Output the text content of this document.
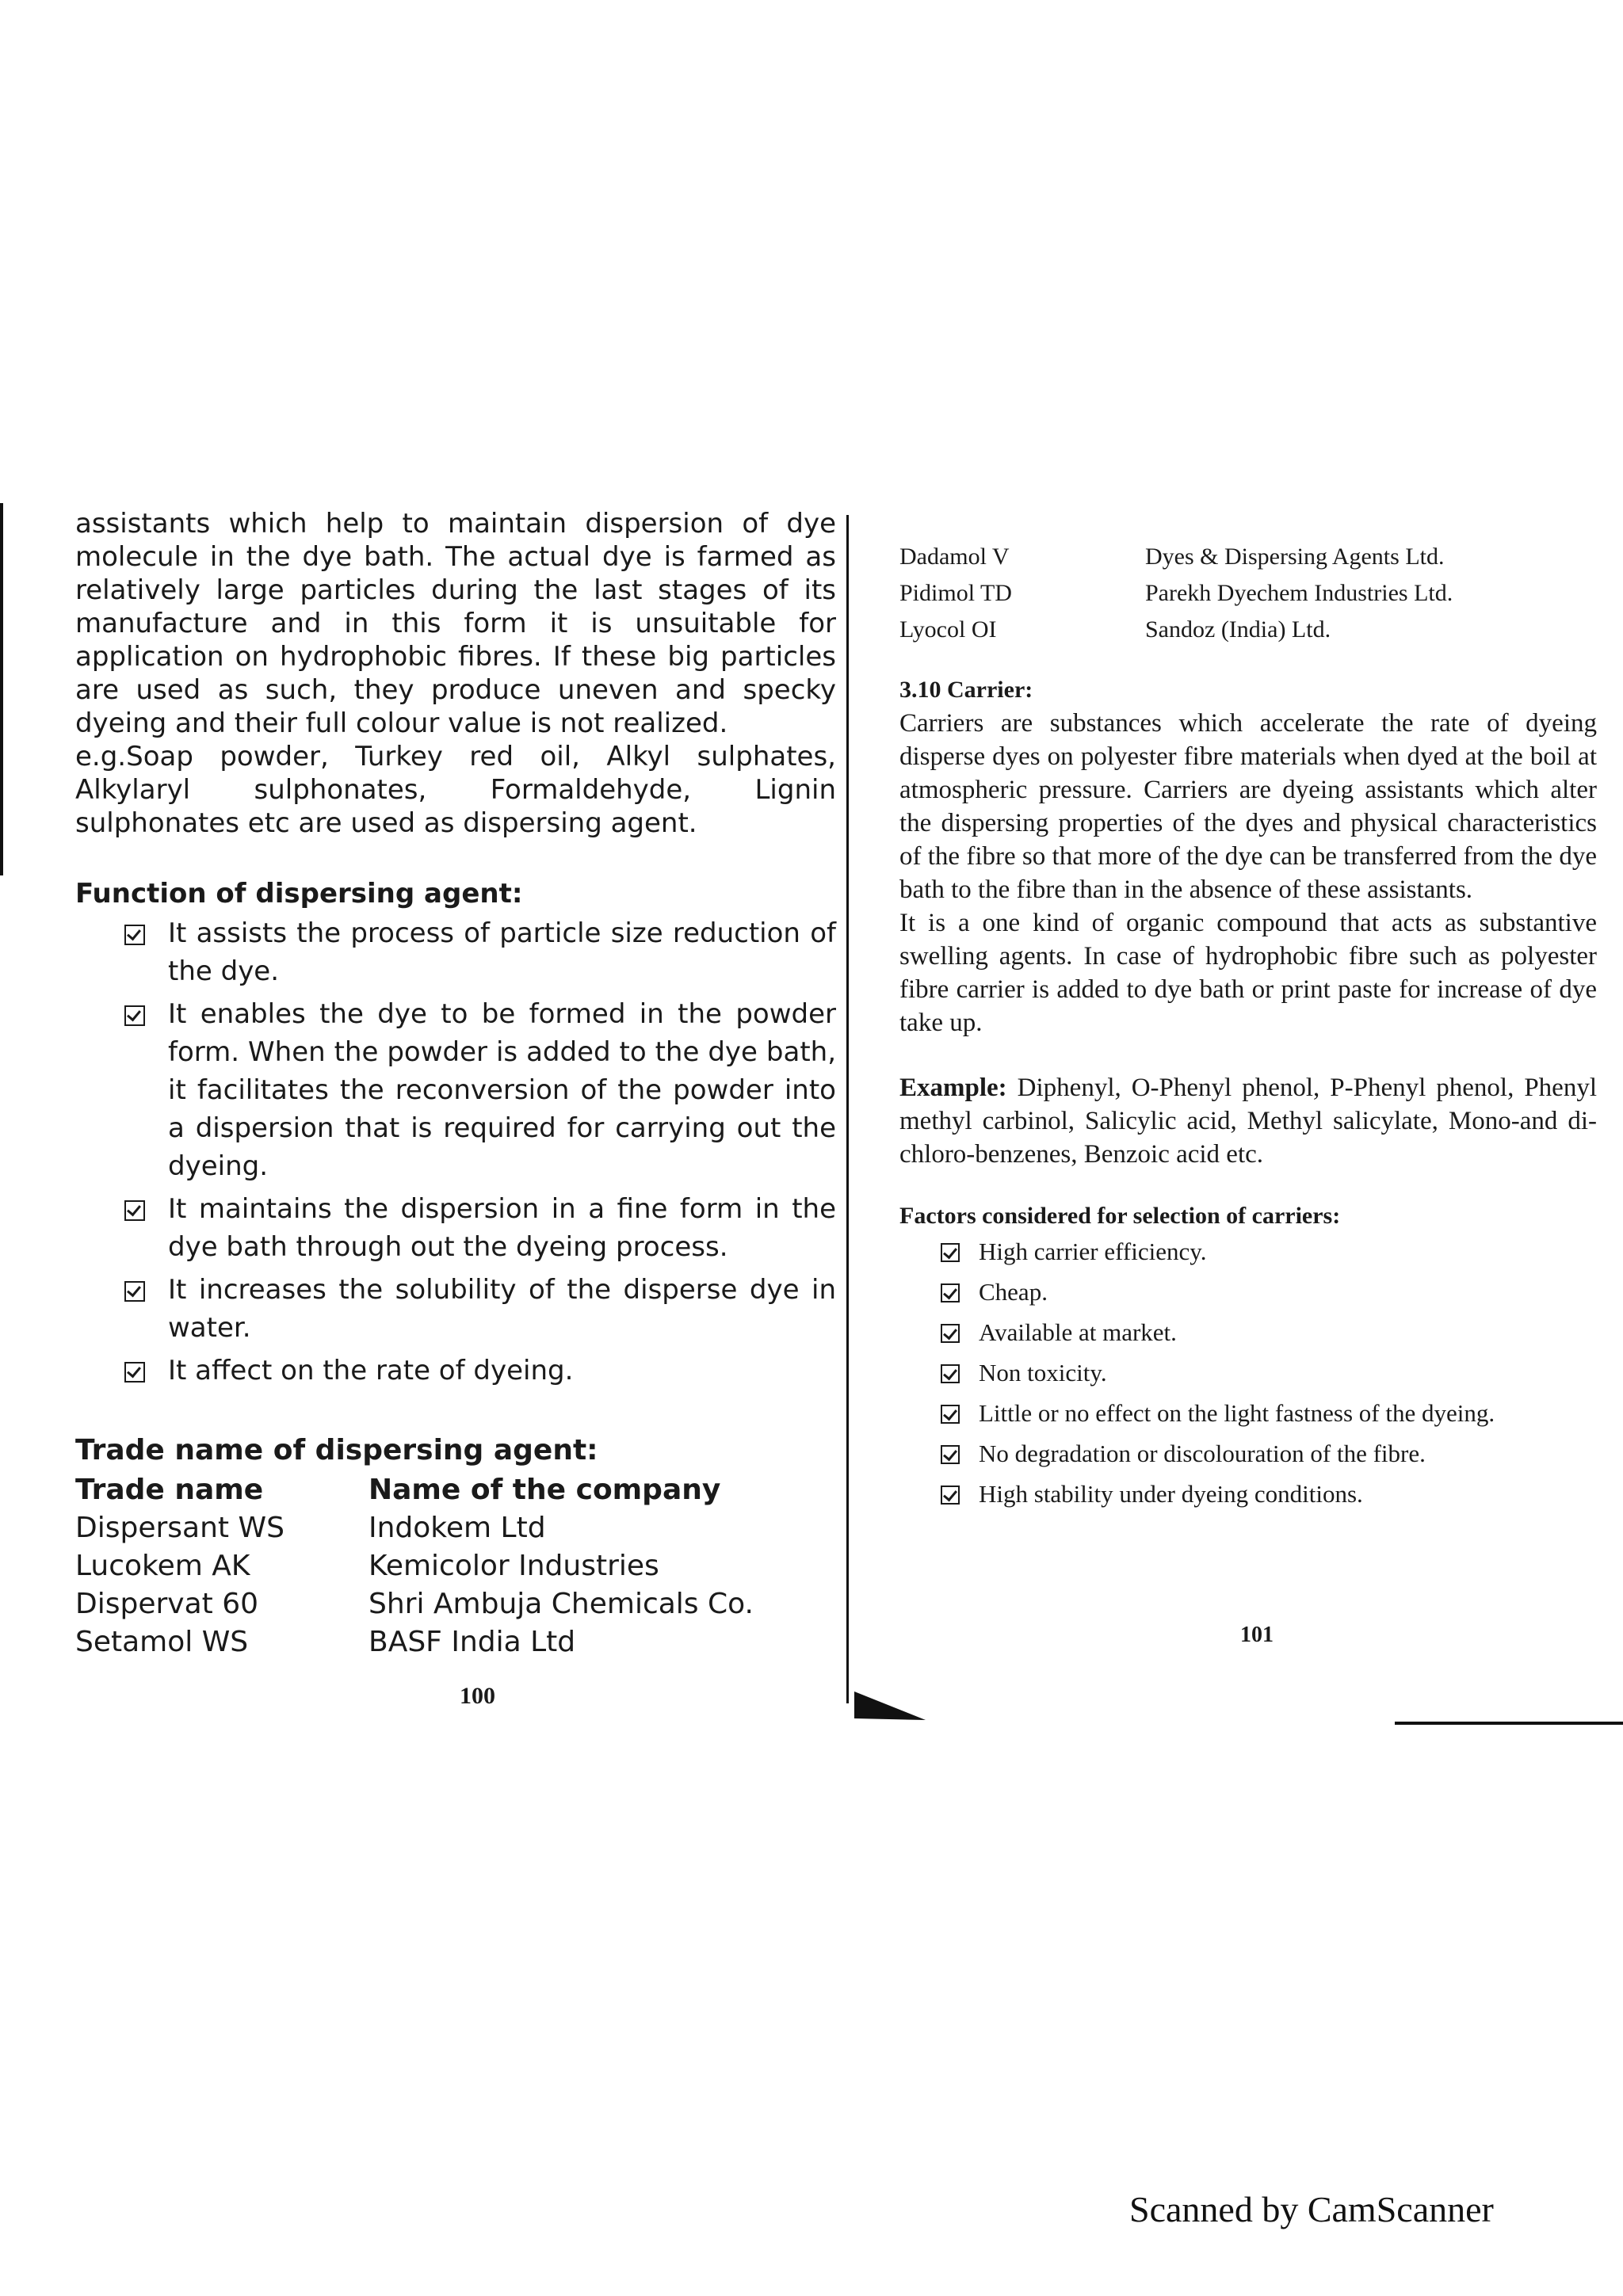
assistants which help to maintain dispersion of dye molecule in the dye bath. The actual dye is farmed as relatively large particles during the last stages of its manufacture and in this form it is unsuitable for application on hydrophobic fibres. If these big particles are used as such, they produce uneven and specky dyeing and their full colour value is not realized.

e.g.Soap powder, Turkey red oil, Alkyl sulphates, Alkylaryl sulphonates, Formaldehyde, Lignin sulphonates etc are used as dispersing agent.

Function of dispersing agent:

It assists the process of particle size reduction of the dye.
It enables the dye to be formed in the powder form. When the powder is added to the dye bath, it facilitates the reconversion of the powder into a dispersion that is required for carrying out the dyeing.
It maintains the dispersion in a fine form in the dye bath through out the dyeing process.
It increases the solubility of the disperse dye in water.
It affect on the rate of dyeing.

Trade name of dispersing agent:

Trade name	Name of the company
Dispersant WS	Indokem Ltd
Lucokem AK	Kemicolor Industries
Dispervat 60	Shri Ambuja Chemicals Co.
Setamol WS	BASF India Ltd
100
Dadamol V	Dyes & Dispersing Agents Ltd.
Pidimol TD	Parekh Dyechem Industries Ltd.
Lyocol OI	Sandoz (India) Ltd.

3.10 Carrier:

Carriers are substances which accelerate the rate of dyeing disperse dyes on polyester fibre materials when dyed at the boil at atmospheric pressure. Carriers are dyeing assistants which alter the dispersing properties of the dyes and physical characteristics of the fibre so that more of the dye can be transferred from the dye bath to the fibre than in the absence of these assistants.

It is a one kind of organic compound that acts as substantive swelling agents. In case of hydrophobic fibre such as polyester fibre carrier is added to dye bath or print paste for increase of dye take up.

Example: Diphenyl, O-Phenyl phenol, P-Phenyl phenol, Phenyl methyl carbinol, Salicylic acid, Methyl salicylate, Mono-and di-chloro-benzenes, Benzoic acid etc.

Factors considered for selection of carriers:

High carrier efficiency.
Cheap.
Available at market.
Non toxicity.
Little or no effect on the light fastness of the dyeing.
No degradation or discolouration of the fibre.
High stability under dyeing conditions.
101
Scanned by CamScanner
